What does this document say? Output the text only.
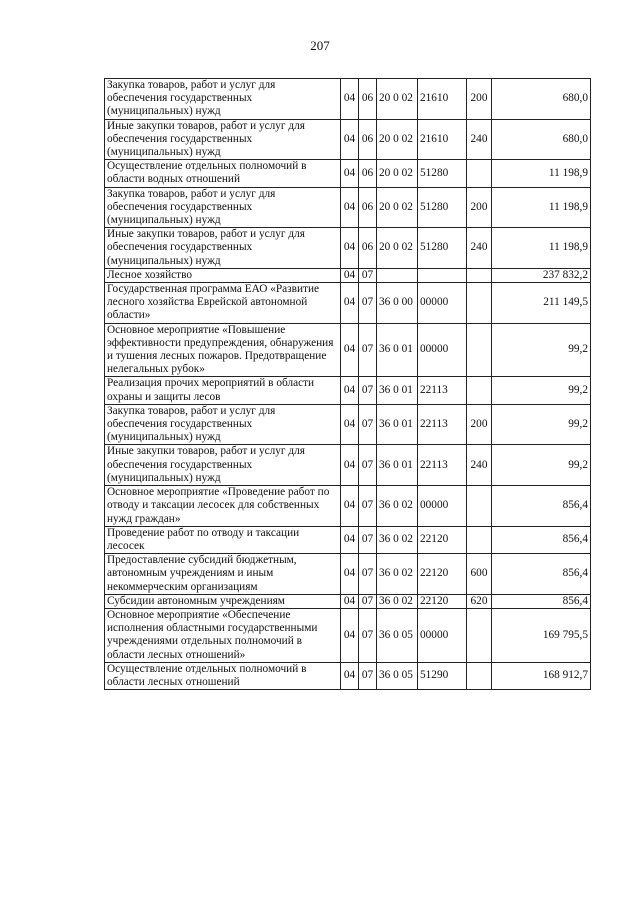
207
Закупка товаров, работ и услуг для обеспечения государственных (муниципальных) нужд	04	06	20 0 02	21610	200	680,0
Иные закупки товаров, работ и услуг для обеспечения государственных (муниципальных) нужд	04	06	20 0 02	21610	240	680,0
Осуществление отдельных полномочий в области водных отношений	04	06	20 0 02	51280		11 198,9
Закупка товаров, работ и услуг для обеспечения государственных (муниципальных) нужд	04	06	20 0 02	51280	200	11 198,9
Иные закупки товаров, работ и услуг для обеспечения государственных (муниципальных) нужд	04	06	20 0 02	51280	240	11 198,9
Лесное хозяйство	04	07				237 832,2
Государственная программа ЕАО «Развитие лесного хозяйства Еврейской автономной области»	04	07	36 0 00	00000		211 149,5
Основное мероприятие «Повышение эффективности предупреждения, обнаружения и тушения лесных пожаров. Предотвращение нелегальных рубок»	04	07	36 0 01	00000		99,2
Реализация прочих мероприятий в области охраны и защиты лесов	04	07	36 0 01	22113		99,2
Закупка товаров, работ и услуг для обеспечения государственных (муниципальных) нужд	04	07	36 0 01	22113	200	99,2
Иные закупки товаров, работ и услуг для обеспечения государственных (муниципальных) нужд	04	07	36 0 01	22113	240	99,2
Основное мероприятие «Проведение работ по отводу и таксации лесосек для собственных нужд граждан»	04	07	36 0 02	00000		856,4
Проведение работ по отводу и таксации лесосек	04	07	36 0 02	22120		856,4
Предоставление субсидий бюджетным, автономным учреждениям и иным некоммерческим организациям	04	07	36 0 02	22120	600	856,4
Субсидии автономным учреждениям	04	07	36 0 02	22120	620	856,4
Основное мероприятие «Обеспечение исполнения областными государственными учреждениями отдельных полномочий в области лесных отношений»	04	07	36 0 05	00000		169 795,5
Осуществление отдельных полномочий в области лесных отношений	04	07	36 0 05	51290		168 912,7
